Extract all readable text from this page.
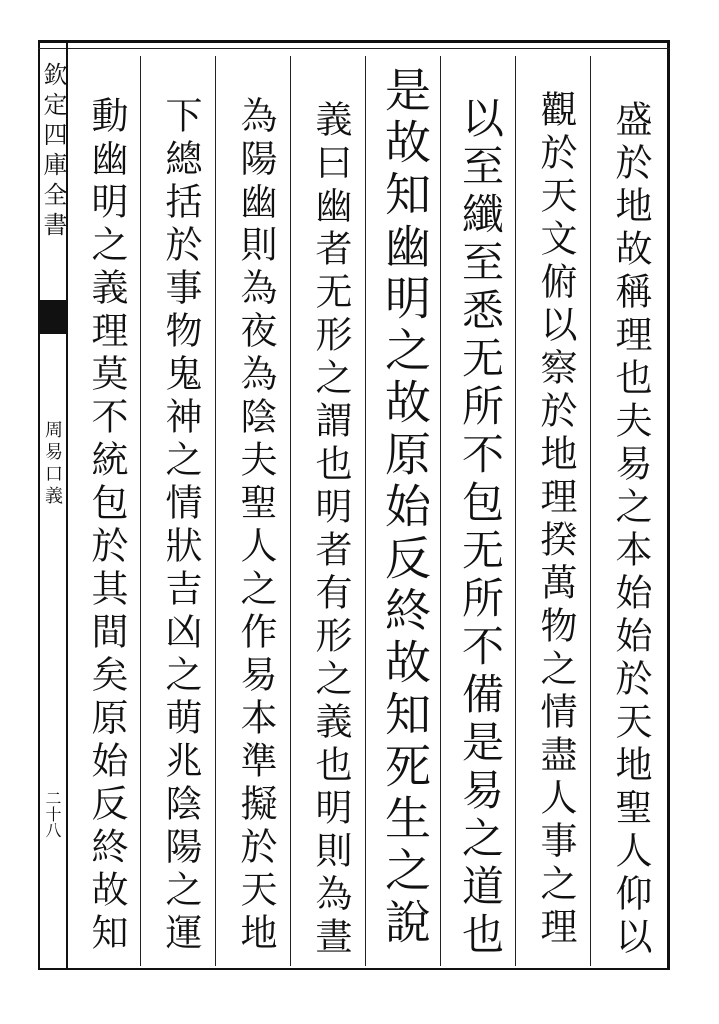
欽定四庫全書
周易口義
二十八	盛於地故稱理也夫易之本始始於天地聖人仰以
觀於天文俯以察於地理揆萬物之情盡人事之理
以至纖至悉无所不包无所不備是易之道也
是故知幽明之故原始反終故知死生之說
義曰幽者无形之謂也明者有形之義也明則為晝
為陽幽則為夜為陰夫聖人之作易本準擬於天地
下總括於事物鬼神之情狀吉凶之萌兆陰陽之運
動幽明之義理莫不統包於其間矣原始反終故知
